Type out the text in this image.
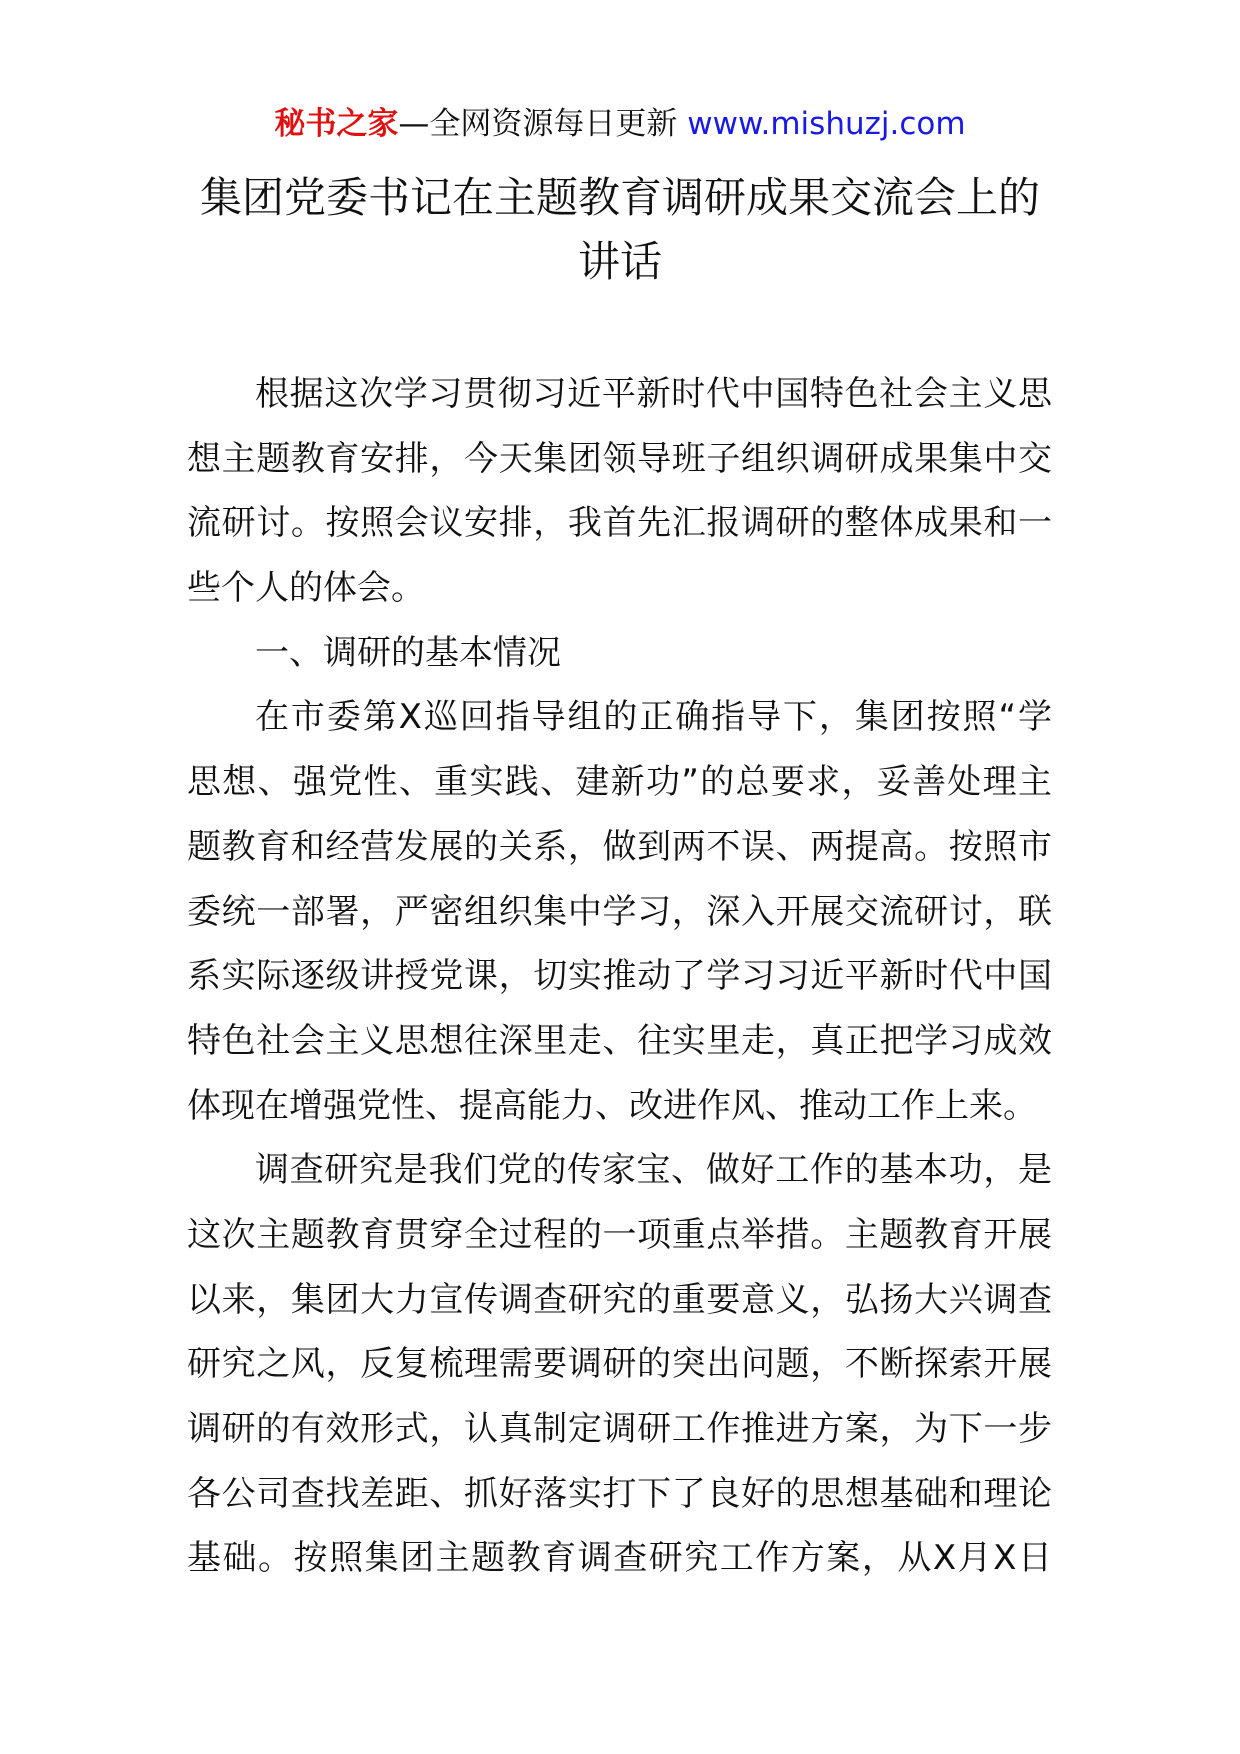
秘书之家—全网资源每日更新 www.mishuzj.com
集团党委书记在主题教育调研成果交流会上的
讲话
根据这次学习贯彻习近平新时代中国特色社会主义思
想主题教育安排，今天集团领导班子组织调研成果集中交
流研讨。按照会议安排，我首先汇报调研的整体成果和一
些个人的体会。
一、调研的基本情况
在市委第X巡回指导组的正确指导下，集团按照“学
思想、强党性、重实践、建新功”的总要求，妥善处理主
题教育和经营发展的关系，做到两不误、两提高。按照市
委统一部署，严密组织集中学习，深入开展交流研讨，联
系实际逐级讲授党课，切实推动了学习习近平新时代中国
特色社会主义思想往深里走、往实里走，真正把学习成效
体现在增强党性、提高能力、改进作风、推动工作上来。
调查研究是我们党的传家宝、做好工作的基本功，是
这次主题教育贯穿全过程的一项重点举措。主题教育开展
以来，集团大力宣传调查研究的重要意义，弘扬大兴调查
研究之风，反复梳理需要调研的突出问题，不断探索开展
调研的有效形式，认真制定调研工作推进方案，为下一步
各公司查找差距、抓好落实打下了良好的思想基础和理论
基础。按照集团主题教育调查研究工作方案，从X月X日
